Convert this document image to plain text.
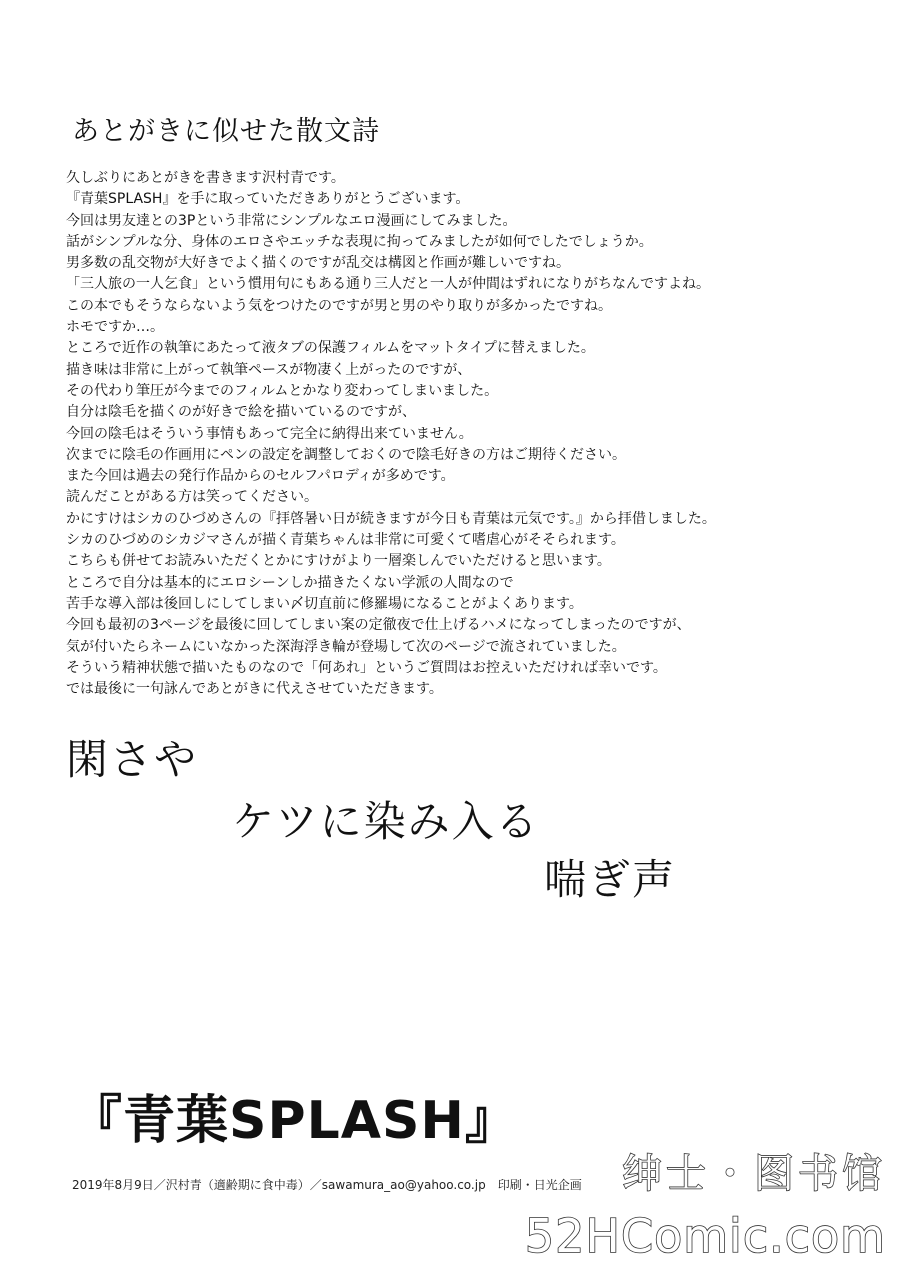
あとがきに似せた散文詩
久しぶりにあとがきを書きます沢村青です。
『青葉SPLASH』を手に取っていただきありがとうございます。
今回は男友達との3Pという非常にシンプルなエロ漫画にしてみました。
話がシンプルな分、身体のエロさやエッチな表現に拘ってみましたが如何でしたでしょうか。
男多数の乱交物が大好きでよく描くのですが乱交は構図と作画が難しいですね。
「三人旅の一人乞食」という慣用句にもある通り三人だと一人が仲間はずれになりがちなんですよね。
この本でもそうならないよう気をつけたのですが男と男のやり取りが多かったですね。
ホモですか…。
ところで近作の執筆にあたって液タブの保護フィルムをマットタイプに替えました。
描き味は非常に上がって執筆ペースが物凄く上がったのですが、
その代わり筆圧が今までのフィルムとかなり変わってしまいました。
自分は陰毛を描くのが好きで絵を描いているのですが、
今回の陰毛はそういう事情もあって完全に納得出来ていません。
次までに陰毛の作画用にペンの設定を調整しておくので陰毛好きの方はご期待ください。
また今回は過去の発行作品からのセルフパロディが多めです。
読んだことがある方は笑ってください。
かにすけはシカのひづめさんの『拝啓暑い日が続きますが今日も青葉は元気です。』から拝借しました。
シカのひづめのシカジマさんが描く青葉ちゃんは非常に可愛くて嗜虐心がそそられます。
こちらも併せてお読みいただくとかにすけがより一層楽しんでいただけると思います。
ところで自分は基本的にエロシーンしか描きたくない学派の人間なので
苦手な導入部は後回しにしてしまい〆切直前に修羅場になることがよくあります。
今回も最初の3ページを最後に回してしまい案の定徹夜で仕上げるハメになってしまったのですが、
気が付いたらネームにいなかった深海浮き輪が登場して次のページで流されていました。
そういう精神状態で描いたものなので「何あれ」というご質問はお控えいただければ幸いです。
では最後に一句詠んであとがきに代えさせていただきます。
閑さや
ケツに染み入る
喘ぎ声
『青葉SPLASH』
2019年8月9日／沢村青（適齢期に食中毒）／sawamura_ao@yahoo.co.jp　印刷・日光企画 绅士・图书馆
52HComic.com
